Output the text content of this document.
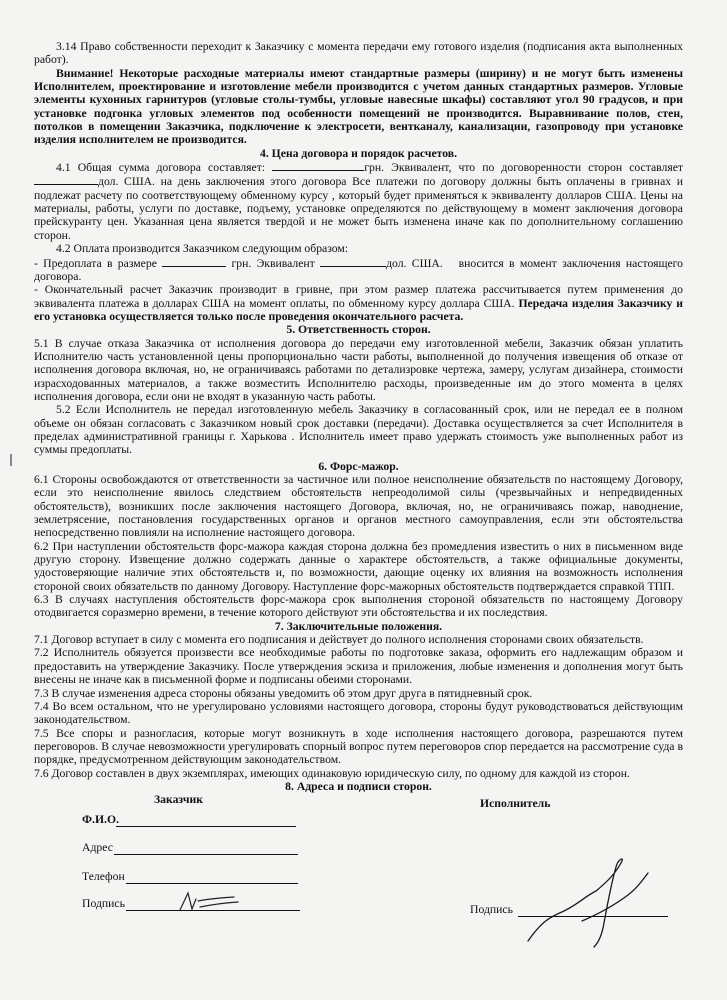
3.14 Право собственности переходит к Заказчику с момента передачи ему готового изделия (подписания акта выполненных работ).

Внимание! Некоторые расходные материалы имеют стандартные размеры (ширину) и не могут быть изменены Исполнителем, проектирование и изготовление мебели производится с учетом данных стандартных размеров. Угловые элементы кухонных гарнитуров (угловые столы-тумбы, угловые навесные шкафы) составляют угол 90 градусов, и при установке подгонка угловых элементов под особенности помещений не производится. Выравнивание полов, стен, потолков в помещении Заказчика, подключение к электросети, вентканалу, канализации, газопроводу при установке изделия исполнителем не производится.

4. Цена договора и порядок расчетов.

4.1 Общая сумма договора составляет:	грн. Эквивалент, что по договоренности сторон составляет дол. США. на день заключения этого договора Все платежи по договору должны быть оплачены в гривнах и подлежат расчету по соответствующему обменному курсу , который будет применяться к эквиваленту долларов США. Цены на материалы, работы, услуги по доставке, подъему, установке определяются по действующему в момент заключения договора прейскуранту цен. Указанная цена является твердой и не может быть изменена иначе как по дополнительному соглашению сторон.

4.2 Оплата производится Заказчиком следующим образом:

- Предоплата в размере	грн. Эквивалент	дол. США. вносится в момент заключения настоящего договора.

- Окончательный расчет Заказчик производит в гривне, при этом размер платежа рассчитывается путем применения до эквивалента платежа в долларах США на момент оплаты, по обменному курсу доллара США. Передача изделия Заказчику и его установка осуществляется только после проведения окончательного расчета.

5. Ответственность сторон.

5.1 В случае отказа Заказчика от исполнения договора до передачи ему изготовленной мебели, Заказчик обязан уплатить Исполнителю часть установленной цены пропорционально части работы, выполненной до получения извещения об отказе от исполнения договора включая, но, не ограничиваясь работами по детализровке чертежа, замеру, услугам дизайнера, стоимости израсходованных материалов, а также возместить Исполнителю расходы, произведенные им до этого момента в целях исполнения договора, если они не входят в указанную часть работы.

5.2 Если Исполнитель не передал изготовленную мебель Заказчику в согласованный срок, или не передал ее в полном объеме он обязан согласовать с Заказчиком новый срок доставки (передачи). Доставка осуществляется за счет Исполнителя в пределах административной границы г. Харькова . Исполнитель имеет право удержать стоимость уже выполненных работ из суммы предоплаты.

6. Форс-мажор.

6.1 Стороны освобождаются от ответственности за частичное или полное неисполнение обязательств по настоящему Договору, если это неисполнение явилось следствием обстоятельств непреодолимой силы (чрезвычайных и непредвиденных обстоятельств), возникших после заключения настоящего Договора, включая, но, не ограничиваясь пожар, наводнение, землетрясение, постановления государственных органов и органов местного самоуправления, если эти обстоятельства непосредственно повлияли на исполнение настоящего договора.

6.2 При наступлении обстоятельств форс-мажора каждая сторона должна без промедления известить о них в письменном виде другую сторону. Извещение должно содержать данные о характере обстоятельств, а также официальные документы, удостоверяющие наличие этих обстоятельств и, по возможности, дающие оценку их влияния на возможность исполнения стороной своих обязательств по данному Договору. Наступление форс-мажорных обстоятельств подтверждается справкой ТПП.

6.3 В случаях наступления обстоятельств форс-мажора срок выполнения стороной обязательств по настоящему Договору отодвигается соразмерно времени, в течение которого действуют эти обстоятельства и их последствия.

7. Заключительные положения.

7.1 Договор вступает в силу с момента его подписания и действует до полного исполнения сторонами своих обязательств.

7.2 Исполнитель обязуется произвести все необходимые работы по подготовке заказа, оформить его надлежащим образом и предоставить на утверждение Заказчику. После утверждения эскиза и приложения, любые изменения и дополнения могут быть внесены не иначе как в письменной форме и подписаны обеими сторонами.

7.3 В случае изменения адреса стороны обязаны уведомить об этом друг друга в пятидневный срок.

7.4 Во всем остальном, что не урегулировано условиями настоящего договора, стороны будут руководствоваться действующим законодательством.

7.5 Все споры и разногласия, которые могут возникнуть в ходе исполнения настоящего договора, разрешаются путем переговоров. В случае невозможности урегулировать спорный вопрос путем переговоров спор передается на рассмотрение суда в порядке, предусмотренном действующим законодательством.

7.6 Договор составлен в двух экземплярах, имеющих одинаковую юридическую силу, по одному для каждой из сторон.

8. Адреса и подписи сторон.

Заказчик	Исполнитель
Ф.И.О.
Адрес
Телефон
Подпись	Подпись
